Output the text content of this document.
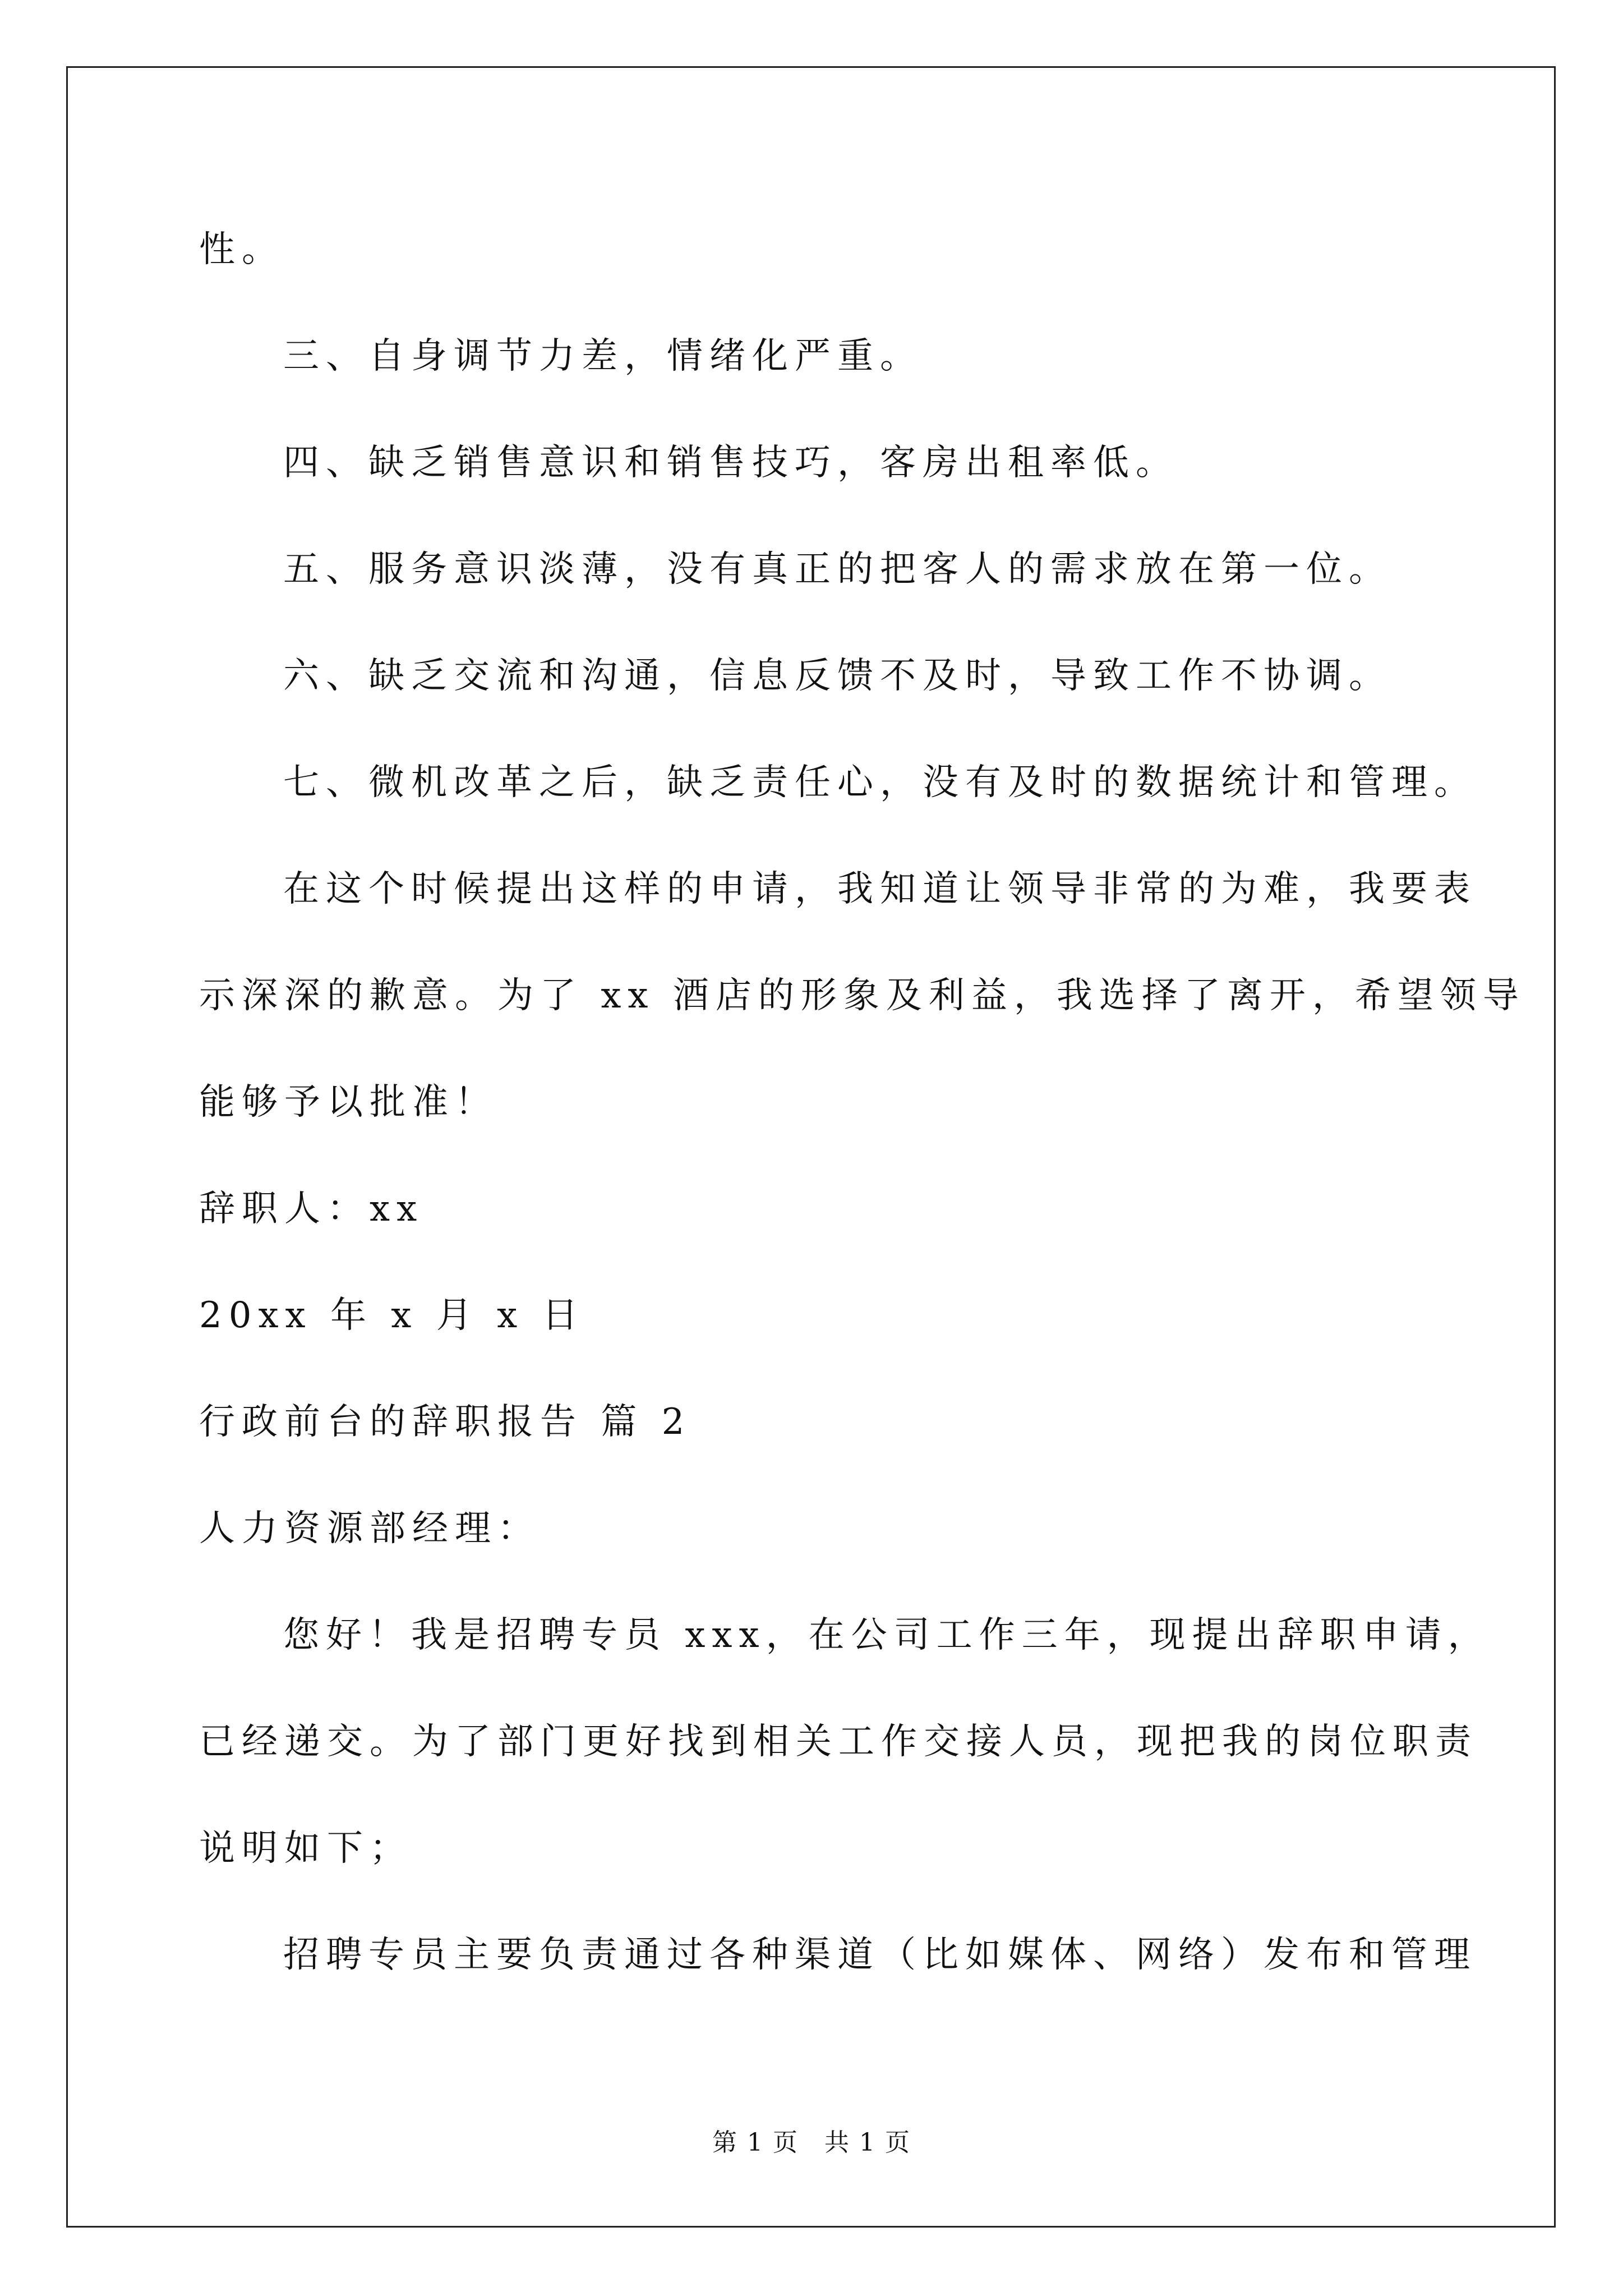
性。
三、自身调节力差，情绪化严重。
四、缺乏销售意识和销售技巧，客房出租率低。
五、服务意识淡薄，没有真正的把客人的需求放在第一位。
六、缺乏交流和沟通，信息反馈不及时，导致工作不协调。
七、微机改革之后，缺乏责任心，没有及时的数据统计和管理。
在这个时候提出这样的申请，我知道让领导非常的为难，我要表
示深深的歉意。为了 xx 酒店的形象及利益，我选择了离开，希望领导
能够予以批准！
辞职人：xx
20xx 年 x 月 x 日
行政前台的辞职报告 篇 2
人力资源部经理：
您好！我是招聘专员 xxx，在公司工作三年，现提出辞职申请，
已经递交。为了部门更好找到相关工作交接人员，现把我的岗位职责
说明如下；
招聘专员主要负责通过各种渠道（比如媒体、网络）发布和管理
第 1 页　共 1 页
